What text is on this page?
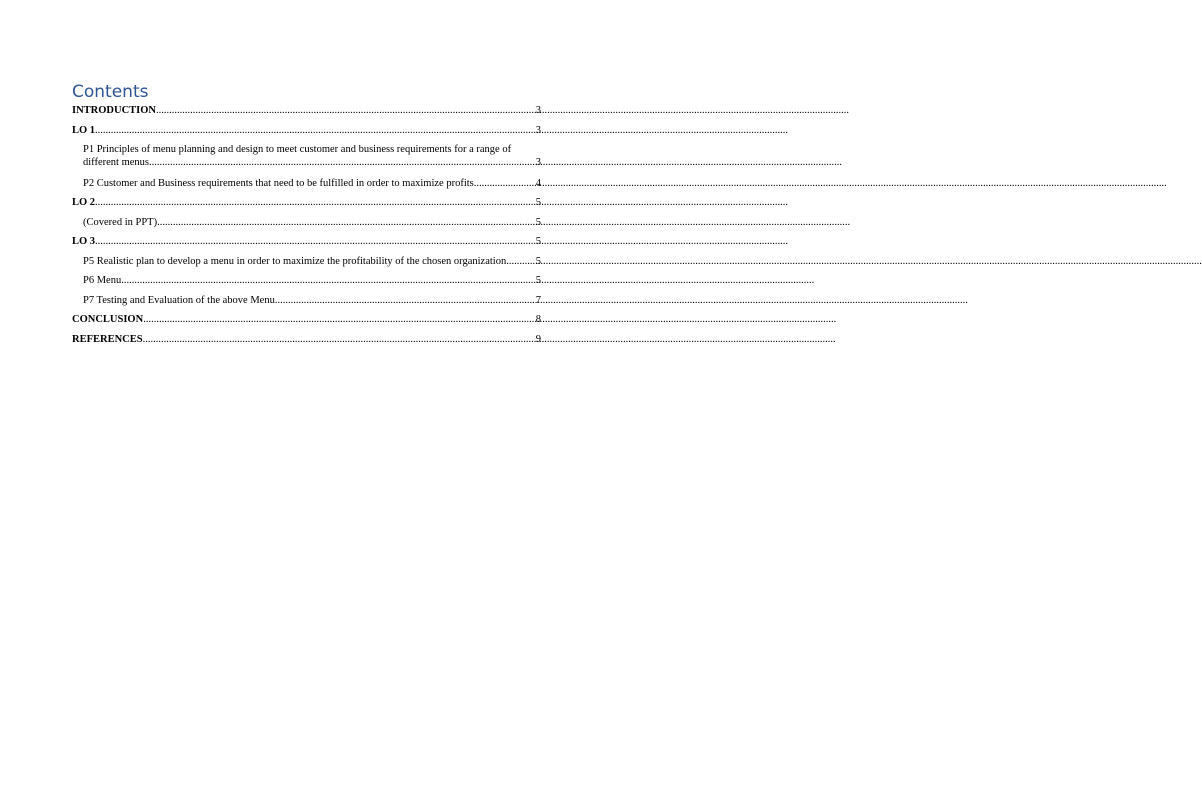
Contents
INTRODUCTION .....	3
LO 1 .....	3
P1 Principles of menu planning and design to meet customer and business requirements for a range of
different menus .....	3
P2 Customer and Business requirements that need to be fulfilled in order to maximize profits .....	4
LO 2 .....	5
(Covered in PPT) .....	5
LO 3 .....	5
P5 Realistic plan to develop a menu in order to maximize the profitability of the chosen organization. .....	5
P6 Menu .....	5
P7 Testing and Evaluation of the above Menu .....	7
CONCLUSION .....	8
REFERENCES .....	9
